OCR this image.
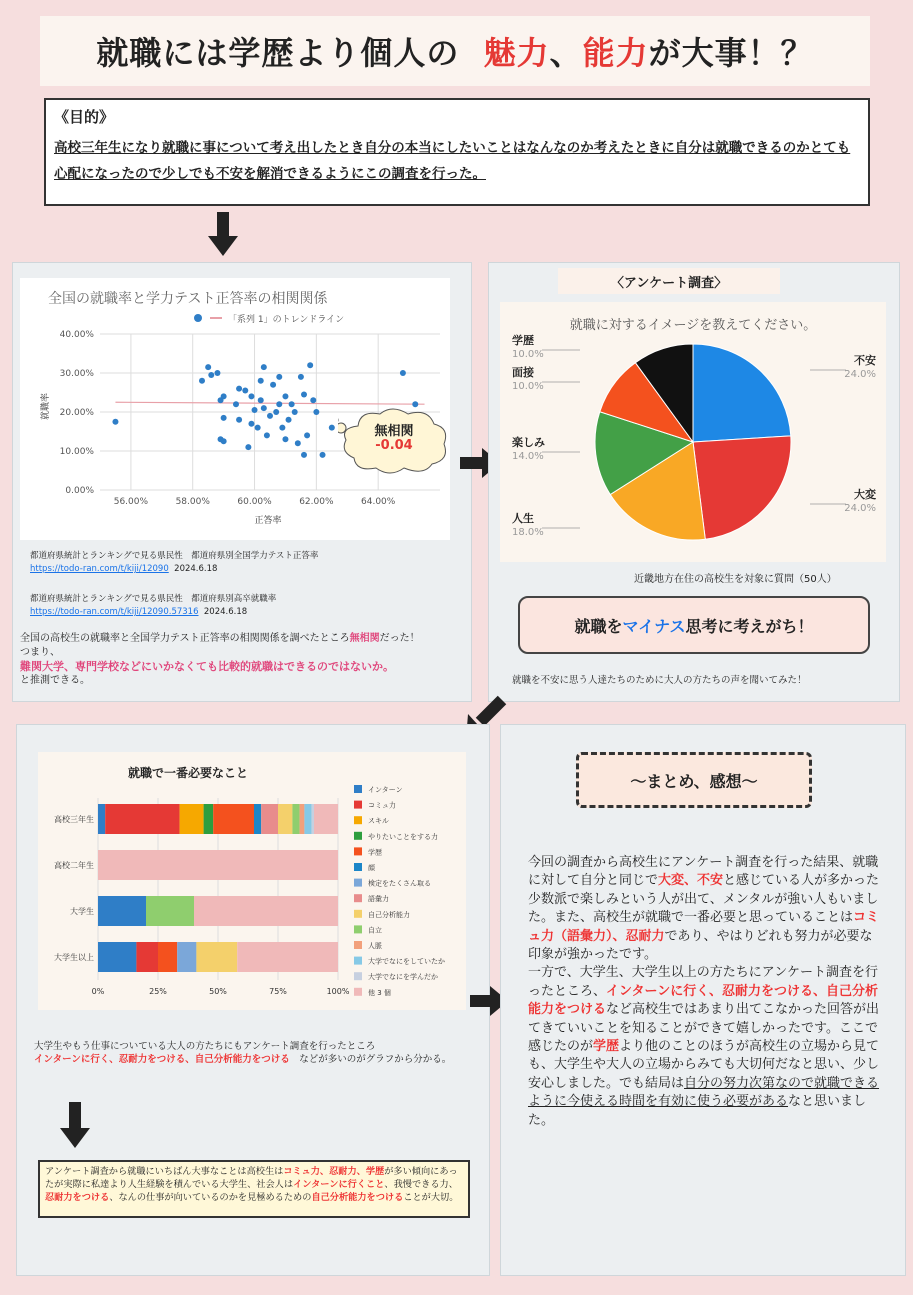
就職には学歴より個人の
魅力 、 能力 が大事！？
《目的》
高校三年生になり就職に事について考え出したとき自分の本当にしたいことはなんなのか考えたときに自分は就職できるのかとても心配になったので少しでも不安を解消できるようにこの調査を行った。
全国の就職率と学力テスト正答率の相関関係
「系列 1」のトレンドライン
就職率
正答率
40.00%
30.00%
20.00%
10.00%
0.00%
56.00%	58.00%	60.00%	62.00%	64.00%
無相関
-0.04
都道府県統計とランキングで見る県民性　都道府県別全国学力テスト正答率
https://todo-ran.com/t/kiji/12090 2024.6.18
都道府県統計とランキングで見る県民性　都道府県別高卒就職率
https://todo-ran.com/t/kiji/12090.57316 2024.6.18
全国の高校生の就職率と全国学力テスト正答率の相関関係を調べたところ無相関だった！
つまり、
難関大学、専門学校などにいかなくても比較的就職はできるのではないか。
と推測できる。
〈アンケート調査〉
就職に対するイメージを教えてください。
学歴
10.0%
面接
10.0%
楽しみ
14.0%
人生
18.0%
不安
24.0%
大変
24.0%
近畿地方在住の高校生を対象に質問（50人）
就職を マイナス 思考に考えがち！
就職を不安に思う人達たちのために大人の方たちの声を聞いてみた！
就職で一番必要なこと
0%	25%	50%	75%	100%
高校三年生
高校二年生
大学生
大学生以上
インターン
コミュ力
スキル
やりたいことをする力
学歴
顔
検定をたくさん取る
語彙力
自己分析能力
自立
人脈
大学でなにをしていたか
大学でなにを学んだか
他 3 個
大学生やもう仕事についている大人の方たちにもアンケート調査を行ったところ
インターンに行く、忍耐力をつける、自己分析能力をつける　などが多いのがグラフから分かる。
アンケート調査から就職にいちばん大事なことは高校生はコミュ力、忍耐力、学歴が多い傾向にあったが実際に私達より人生経験を積んでいる大学生、社会人はインターンに行くこと、我慢できる力、忍耐力をつける、なんの仕事が向いているのかを見極めるための自己分析能力をつけることが大切。
〜まとめ、感想〜
今回の調査から高校生にアンケート調査を行った結果、就職に対して自分と同じで大変、不安と感じている人が多かった少数派で楽しみという人が出て、メンタルが強い人もいました。また、高校生が就職で一番必要と思っていることはコミュ力（語彙力）、忍耐力であり、やはりどれも努力が必要な印象が強かったです。
一方で、大学生、大学生以上の方たちにアンケート調査を行ったところ、インターンに行く、忍耐力をつける、自己分析能力をつけるなど高校生ではあまり出てこなかった回答が出てきていいことを知ることができて嬉しかったです。ここで感じたのが学歴より他のことのほうが高校生の立場から見ても、大学生や大人の立場からみても大切何だなと思い、少し安心しました。でも結局は自分の努力次第なので就職できるように今使える時間を有効に使う必要があるなと思いました。
